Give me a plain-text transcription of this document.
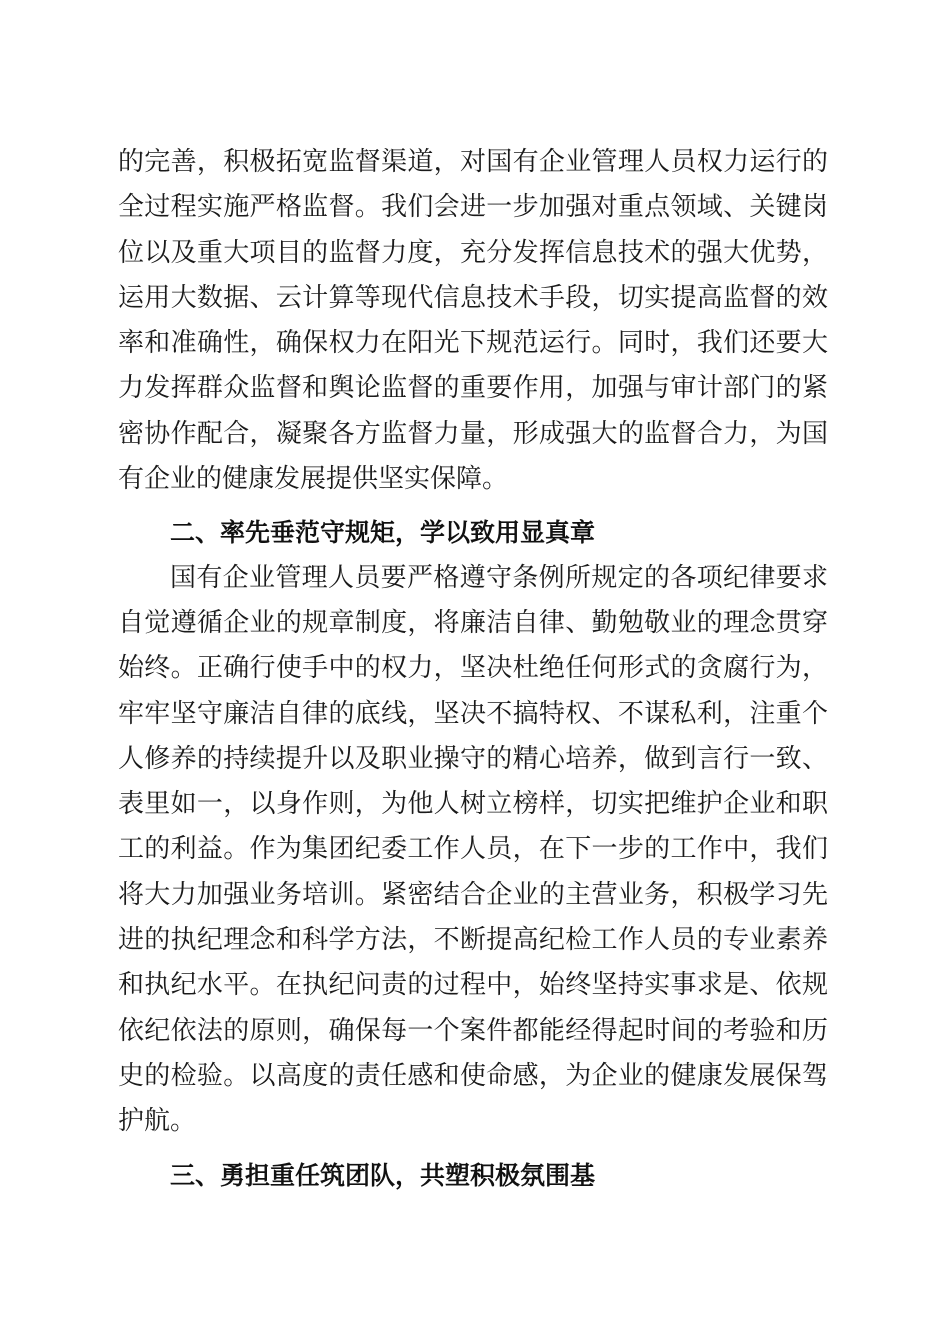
的完善，积极拓宽监督渠道，对国有企业管理人员权力运行的全过程实施严格监督。我们会进一步加强对重点领域、关键岗位以及重大项目的监督力度，充分发挥信息技术的强大优势，运用大数据、云计算等现代信息技术手段，切实提高监督的效率和准确性，确保权力在阳光下规范运行。同时，我们还要大力发挥群众监督和舆论监督的重要作用，加强与审计部门的紧密协作配合，凝聚各方监督力量，形成强大的监督合力，为国有企业的健康发展提供坚实保障。

二、率先垂范守规矩，学以致用显真章

国有企业管理人员要严格遵守条例所规定的各项纪律要求自觉遵循企业的规章制度，将廉洁自律、勤勉敬业的理念贯穿始终。正确行使手中的权力，坚决杜绝任何形式的贪腐行为，牢牢坚守廉洁自律的底线，坚决不搞特权、不谋私利，注重个人修养的持续提升以及职业操守的精心培养，做到言行一致、表里如一，以身作则，为他人树立榜样，切实把维护企业和职工的利益。作为集团纪委工作人员，在下一步的工作中，我们将大力加强业务培训。紧密结合企业的主营业务，积极学习先进的执纪理念和科学方法，不断提高纪检工作人员的专业素养和执纪水平。在执纪问责的过程中，始终坚持实事求是、依规依纪依法的原则，确保每一个案件都能经得起时间的考验和历史的检验。以高度的责任感和使命感，为企业的健康发展保驾护航。

三、勇担重任筑团队，共塑积极氛围基
